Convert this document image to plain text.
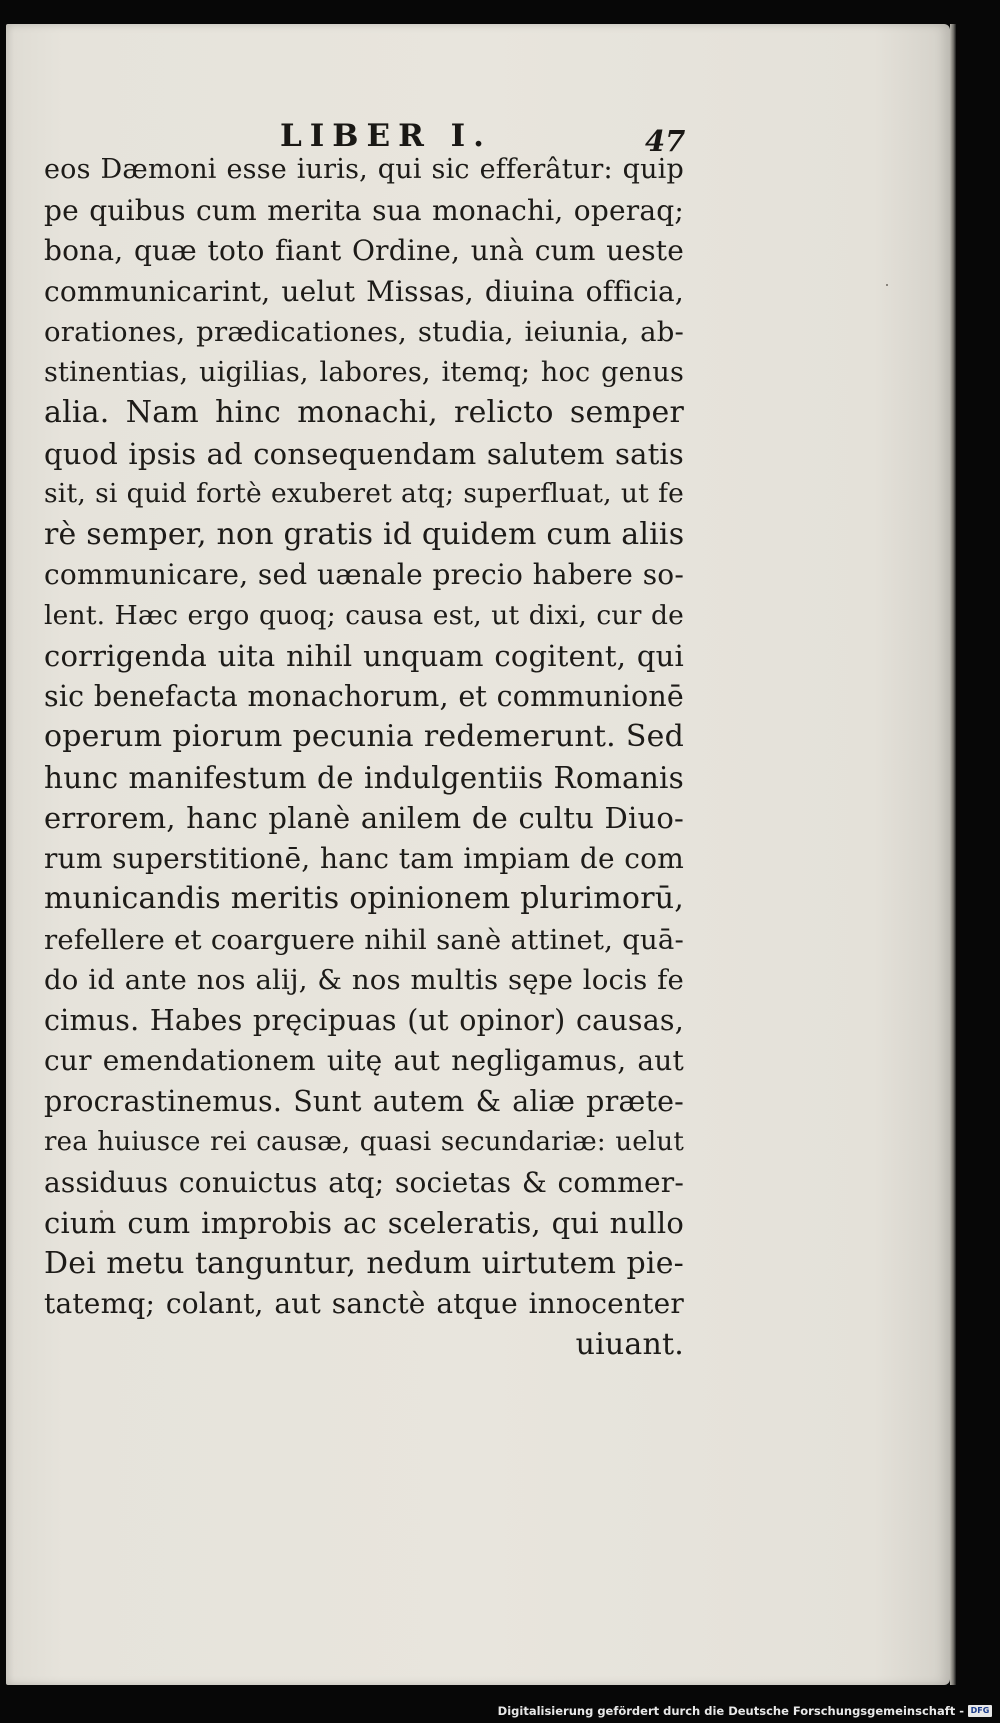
LIBER I.	47
eos Dæmoni esse iuris, qui sic efferâtur: quip
pe quibus cum merita sua monachi, operaq;
bona, quæ toto fiant Ordine, unà cum ueste
communicarint, uelut Missas, diuina officia,
orationes, prædicationes, studia, ieiunia, ab-
stinentias, uigilias, labores, itemq; hoc genus
alia. Nam hinc monachi, relicto semper
quod ipsis ad consequendam salutem satis
sit, si quid fortè exuberet atq; superfluat, ut fe
rè semper, non gratis id quidem cum aliis
communicare, sed uænale precio habere so-
lent. Hæc ergo quoq; causa est, ut dixi, cur de
corrigenda uita nihil unquam cogitent, qui
sic benefacta monachorum, et communionē
operum piorum pecunia redemerunt. Sed
hunc manifestum de indulgentiis Romanis
errorem, hanc planè anilem de cultu Diuo-
rum superstitionē, hanc tam impiam de com
municandis meritis opinionem plurimorū,
refellere et coarguere nihil sanè attinet, quā-
do id ante nos alij, & nos multis sępe locis fe
cimus. Habes pręcipuas (ut opinor) causas,
cur emendationem uitę aut negligamus, aut
procrastinemus. Sunt autem & aliæ præte-
rea huiusce rei causæ, quasi secundariæ: uelut
assiduus conuictus atq; societas & commer-
cium cum improbis ac sceleratis, qui nullo
Dei metu tanguntur, nedum uirtutem pie-
tatemq; colant, aut sanctè atque innocenter
uiuant.
Digitalisierung gefördert durch die Deutsche Forschungsgemeinschaft - DFG
